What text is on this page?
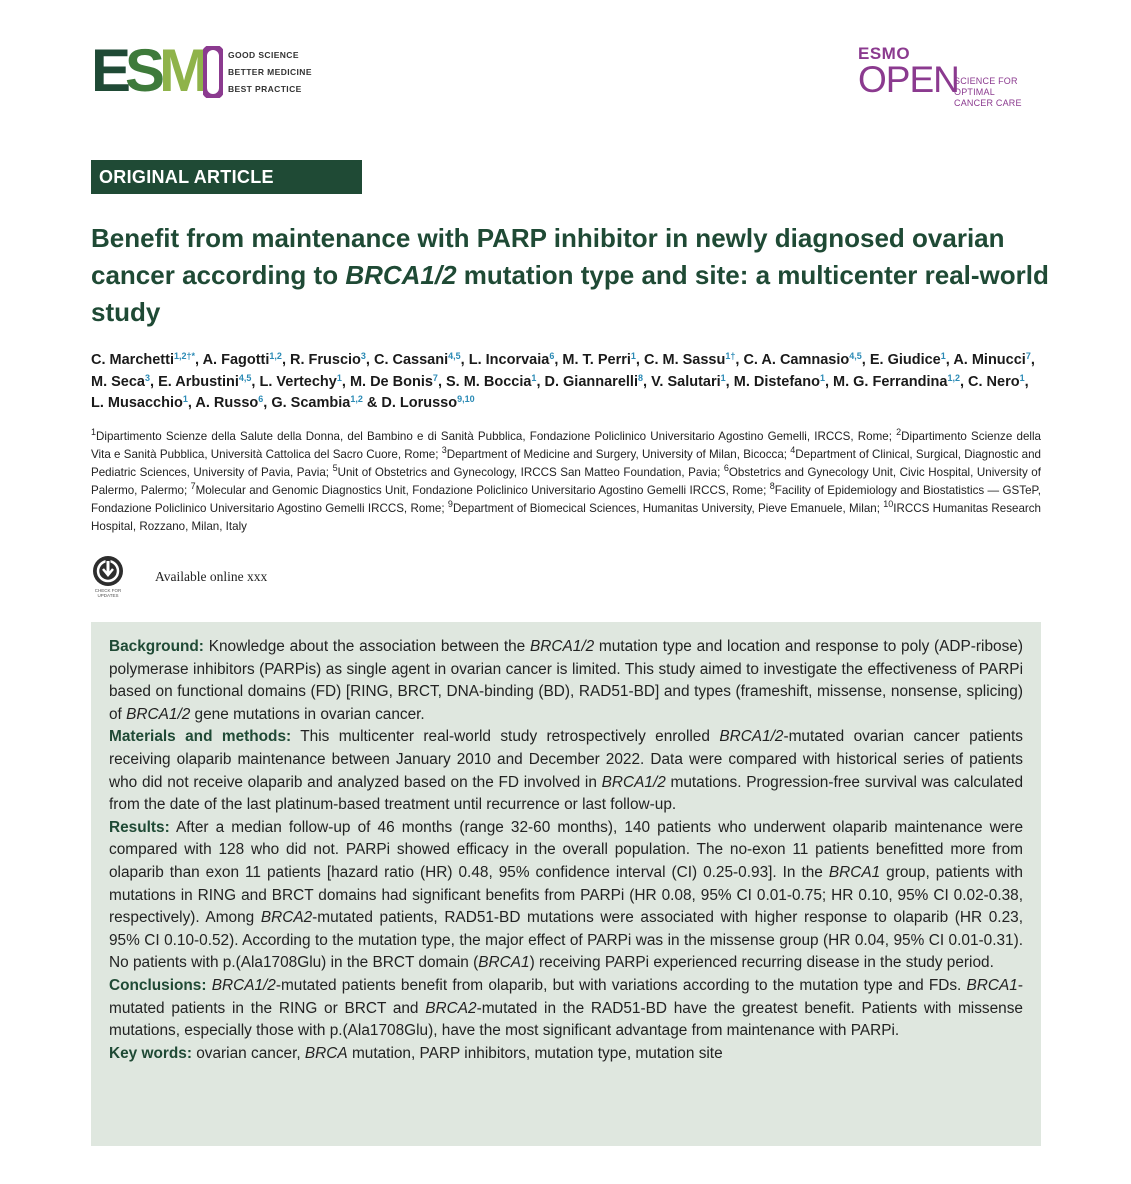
E
S
M GOOD SCIENCE
BETTER MEDICINE
BEST PRACTICE
ESMO
OPEN
SCIENCE FOR OPTIMAL
CANCER CARE
ORIGINAL ARTICLE
Benefit from maintenance with PARP inhibitor in newly diagnosed ovarian cancer according to BRCA1/2 mutation type and site: a multicenter real-world study
C. Marchetti$^{1,2\dagger*}$, A. Fagotti$^{1,2}$, R. Fruscio$^3$, C. Cassani$^{4,5}$, L. Incorvaia$^6$, M. T. Perri$^1$, C. M. Sassu$^{1\dagger}$, C. A. Camnasio$^{4,5}$, E. Giudice$^1$, A. Minucci$^7$, M. Seca$^3$, E. Arbustini$^{4,5}$, L. Vertechy$^1$, M. De Bonis$^7$, S. M. Boccia$^1$, D. Giannarelli$^8$, V. Salutari$^1$, M. Distefano$^1$, M. G. Ferrandina$^{1,2}$, C. Nero$^1$, L. Musacchio$^1$, A. Russo$^6$, G. Scambia$^{1,2}$ & D. Lorusso$^{9,10}$
$^1$Dipartimento Scienze della Salute della Donna, del Bambino e di Sanità Pubblica, Fondazione Policlinico Universitario Agostino Gemelli, IRCCS, Rome; $^2$Dipartimento Scienze della Vita e Sanità Pubblica, Università Cattolica del Sacro Cuore, Rome; $^3$Department of Medicine and Surgery, University of Milan, Bicocca; $^4$Department of Clinical, Surgical, Diagnostic and Pediatric Sciences, University of Pavia, Pavia; $^5$Unit of Obstetrics and Gynecology, IRCCS San Matteo Foundation, Pavia; $^6$Obstetrics and Gynecology Unit, Civic Hospital, University of Palermo, Palermo; $^7$Molecular and Genomic Diagnostics Unit, Fondazione Policlinico Universitario Agostino Gemelli IRCCS, Rome; $^8$Facility of Epidemiology and Biostatistics — GSTeP, Fondazione Policlinico Universitario Agostino Gemelli IRCCS, Rome; $^9$Department of Biomecical Sciences, Humanitas University, Pieve Emanuele, Milan; $^{10}$IRCCS Humanitas Research Hospital, Rozzano, Milan, Italy
CHECK FOR UPDATES
Available online xxx

Background: Knowledge about the association between the BRCA1/2 mutation type and location and response to poly (ADP-ribose) polymerase inhibitors (PARPis) as single agent in ovarian cancer is limited. This study aimed to investigate the effectiveness of PARPi based on functional domains (FD) [RING, BRCT, DNA-binding (BD), RAD51-BD] and types (frameshift, missense, nonsense, splicing) of BRCA1/2 gene mutations in ovarian cancer.

Materials and methods: This multicenter real-world study retrospectively enrolled BRCA1/2-mutated ovarian cancer patients receiving olaparib maintenance between January 2010 and December 2022. Data were compared with historical series of patients who did not receive olaparib and analyzed based on the FD involved in BRCA1/2 mutations. Progression-free survival was calculated from the date of the last platinum-based treatment until recurrence or last follow-up.

Results: After a median follow-up of 46 months (range 32-60 months), 140 patients who underwent olaparib maintenance were compared with 128 who did not. PARPi showed efficacy in the overall population. The no-exon 11 patients benefitted more from olaparib than exon 11 patients [hazard ratio (HR) 0.48, 95% confidence interval (CI) 0.25-0.93]. In the BRCA1 group, patients with mutations in RING and BRCT domains had significant benefits from PARPi (HR 0.08, 95% CI 0.01-0.75; HR 0.10, 95% CI 0.02-0.38, respectively). Among BRCA2-mutated patients, RAD51-BD mutations were associated with higher response to olaparib (HR 0.23, 95% CI 0.10-0.52). According to the mutation type, the major effect of PARPi was in the missense group (HR 0.04, 95% CI 0.01-0.31). No patients with p.(Ala1708Glu) in the BRCT domain (BRCA1) receiving PARPi experienced recurring disease in the study period.

Conclusions: BRCA1/2-mutated patients benefit from olaparib, but with variations according to the mutation type and FDs. BRCA1-mutated patients in the RING or BRCT and BRCA2-mutated in the RAD51-BD have the greatest benefit. Patients with missense mutations, especially those with p.(Ala1708Glu), have the most significant advantage from maintenance with PARPi.

Key words: ovarian cancer, BRCA mutation, PARP inhibitors, mutation type, mutation site
